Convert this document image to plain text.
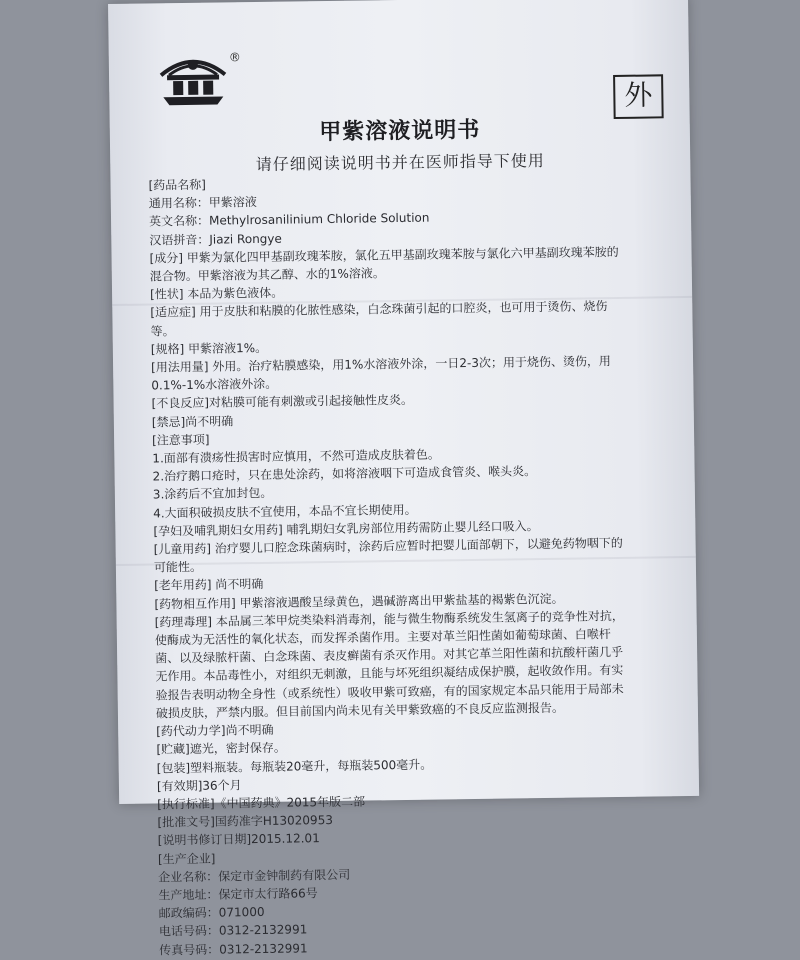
®
外
甲紫溶液说明书
请仔细阅读说明书并在医师指导下使用
[药品名称]
通用名称：甲紫溶液
英文名称：Methylrosanilinium Chloride Solution
汉语拼音：Jiazi Rongye
[成分] 甲紫为氯化四甲基副玫瑰苯胺，氯化五甲基副玫瑰苯胺与氯化六甲基副玫瑰苯胺的
混合物。甲紫溶液为其乙醇、水的1%溶液。
[性状] 本品为紫色液体。
[适应症] 用于皮肤和粘膜的化脓性感染，白念珠菌引起的口腔炎，也可用于烫伤、烧伤
等。
[规格] 甲紫溶液1%。
[用法用量] 外用。治疗粘膜感染，用1%水溶液外涂，一日2-3次；用于烧伤、烫伤，用
0.1%-1%水溶液外涂。
[不良反应]对粘膜可能有刺激或引起接触性皮炎。
[禁忌]尚不明确
[注意事项]
1.面部有溃疡性损害时应慎用，不然可造成皮肤着色。
2.治疗鹅口疮时，只在患处涂药，如将溶液咽下可造成食管炎、喉头炎。
3.涂药后不宜加封包。
4.大面积破损皮肤不宜使用，本品不宜长期使用。
[孕妇及哺乳期妇女用药] 哺乳期妇女乳房部位用药需防止婴儿经口吸入。
[儿童用药] 治疗婴儿口腔念珠菌病时，涂药后应暂时把婴儿面部朝下，以避免药物咽下的
可能性。
[老年用药] 尚不明确
[药物相互作用] 甲紫溶液遇酸呈绿黄色，遇碱游离出甲紫盐基的褐紫色沉淀。
[药理毒理] 本品属三苯甲烷类染料消毒剂，能与微生物酶系统发生氢离子的竞争性对抗，
使酶成为无活性的氧化状态，而发挥杀菌作用。主要对革兰阳性菌如葡萄球菌、白喉杆
菌、以及绿脓杆菌、白念珠菌、表皮癣菌有杀灭作用。对其它革兰阳性菌和抗酸杆菌几乎
无作用。本品毒性小，对组织无刺激，且能与坏死组织凝结成保护膜，起收敛作用。有实
验报告表明动物全身性（或系统性）吸收甲紫可致癌，有的国家规定本品只能用于局部未
破损皮肤，严禁内服。但目前国内尚未见有关甲紫致癌的不良反应监测报告。
[药代动力学]尚不明确
[贮藏]遮光，密封保存。
[包装]塑料瓶装。每瓶装20毫升，每瓶装500毫升。
[有效期]36个月
[执行标准]《中国药典》2015年版二部
[批准文号]国药准字H13020953
[说明书修订日期]2015.12.01
[生产企业]
企业名称：保定市金钟制药有限公司
生产地址：保定市太行路66号
邮政编码：071000
电话号码：0312-2132991
传真号码：0312-2132991
